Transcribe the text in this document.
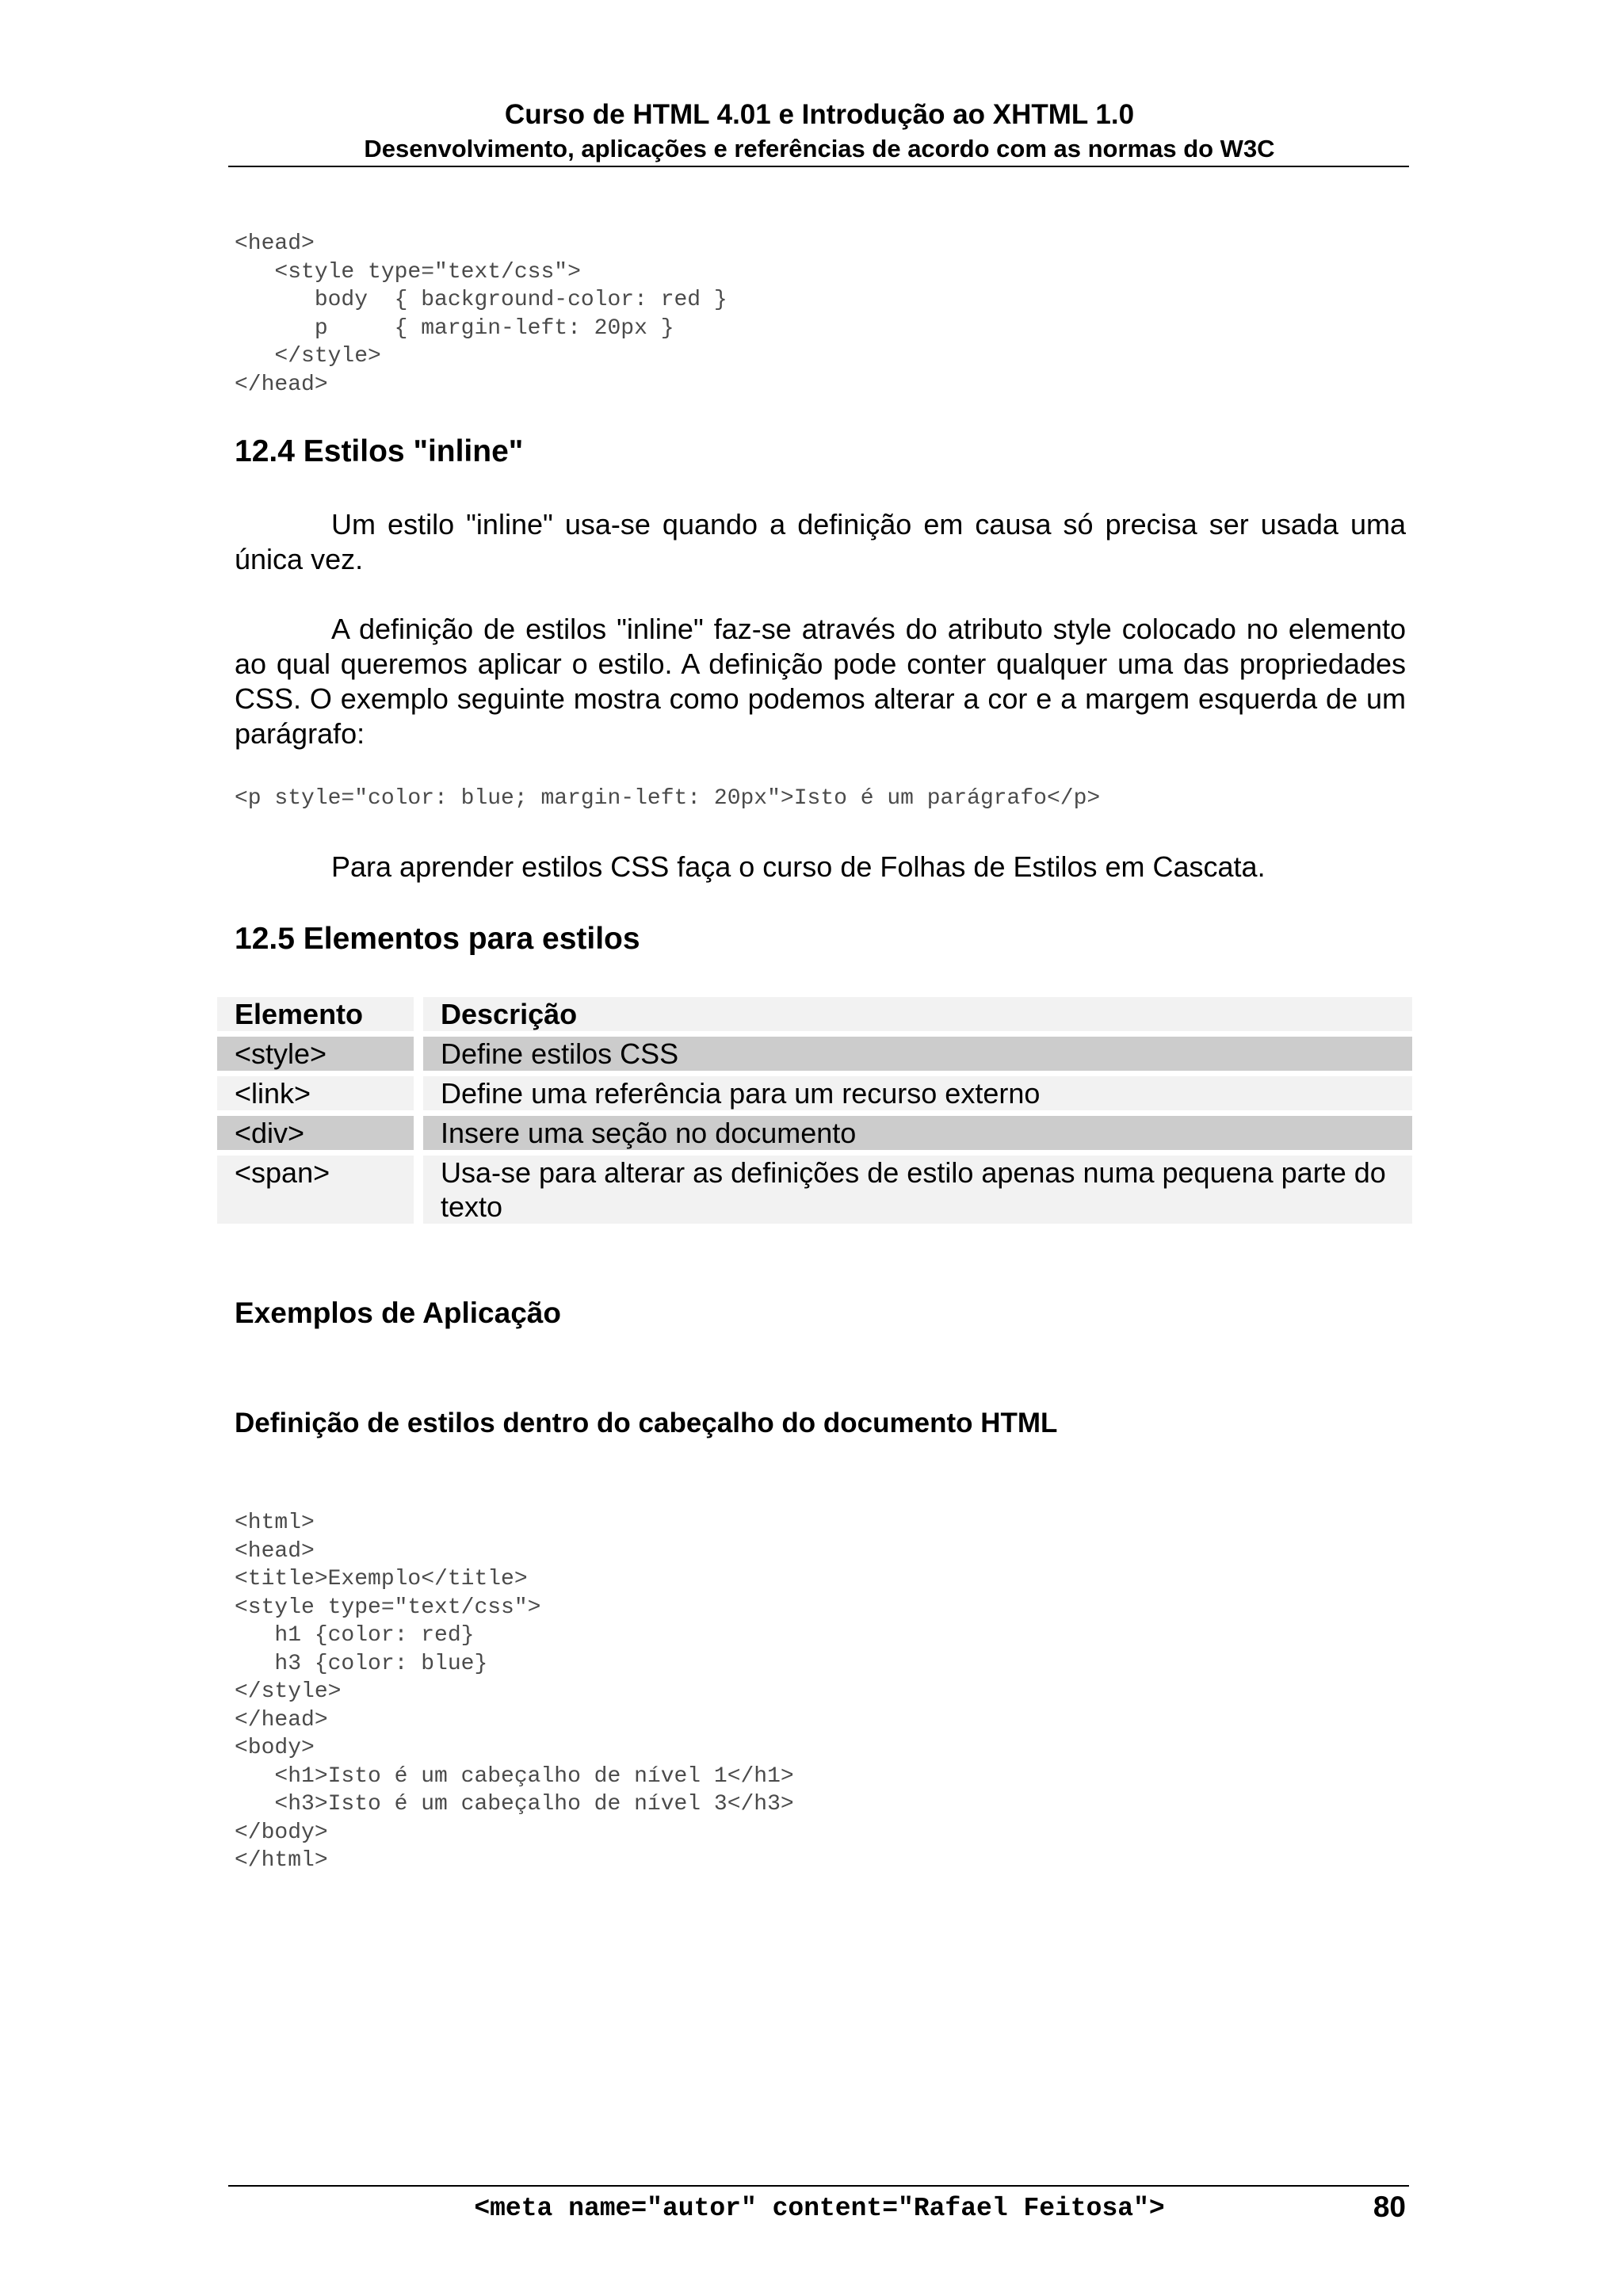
Curso de HTML 4.01 e Introdução ao XHTML 1.0
Desenvolvimento, aplicações e referências de acordo com as normas do W3C
<head>
<style type="text/css">
body  { background-color: red }
p     { margin-left: 20px }
</style>
</head>
12.4 Estilos "inline"

Um estilo "inline" usa-se quando a definição em causa só precisa ser usada uma única vez.

A definição de estilos "inline" faz-se através do atributo style colocado no elemento ao qual queremos aplicar o estilo. A definição pode conter qualquer uma das propriedades CSS. O exemplo seguinte mostra como podemos alterar a cor e a margem esquerda de um parágrafo:

<p style="color: blue; margin-left: 20px">Isto é um parágrafo</p>

Para aprender estilos CSS faça o curso de Folhas de Estilos em Cascata.

12.5 Elementos para estilos
Elemento	Descrição
<style>	Define estilos CSS
<link>	Define uma referência para um recurso externo
<div>	Insere uma seção no documento
<span>	Usa-se para alterar as definições de estilo apenas numa pequena parte do texto
Exemplos de Aplicação
Definição de estilos dentro do cabeçalho do documento HTML
<html>
<head>
<title>Exemplo</title>
<style type="text/css">
h1 {color: red}
h3 {color: blue}
</style>
</head>
<body>
<h1>Isto é um cabeçalho de nível 1</h1>
<h3>Isto é um cabeçalho de nível 3</h3>
</body>
</html>
<meta name="autor" content="Rafael Feitosa">	80
